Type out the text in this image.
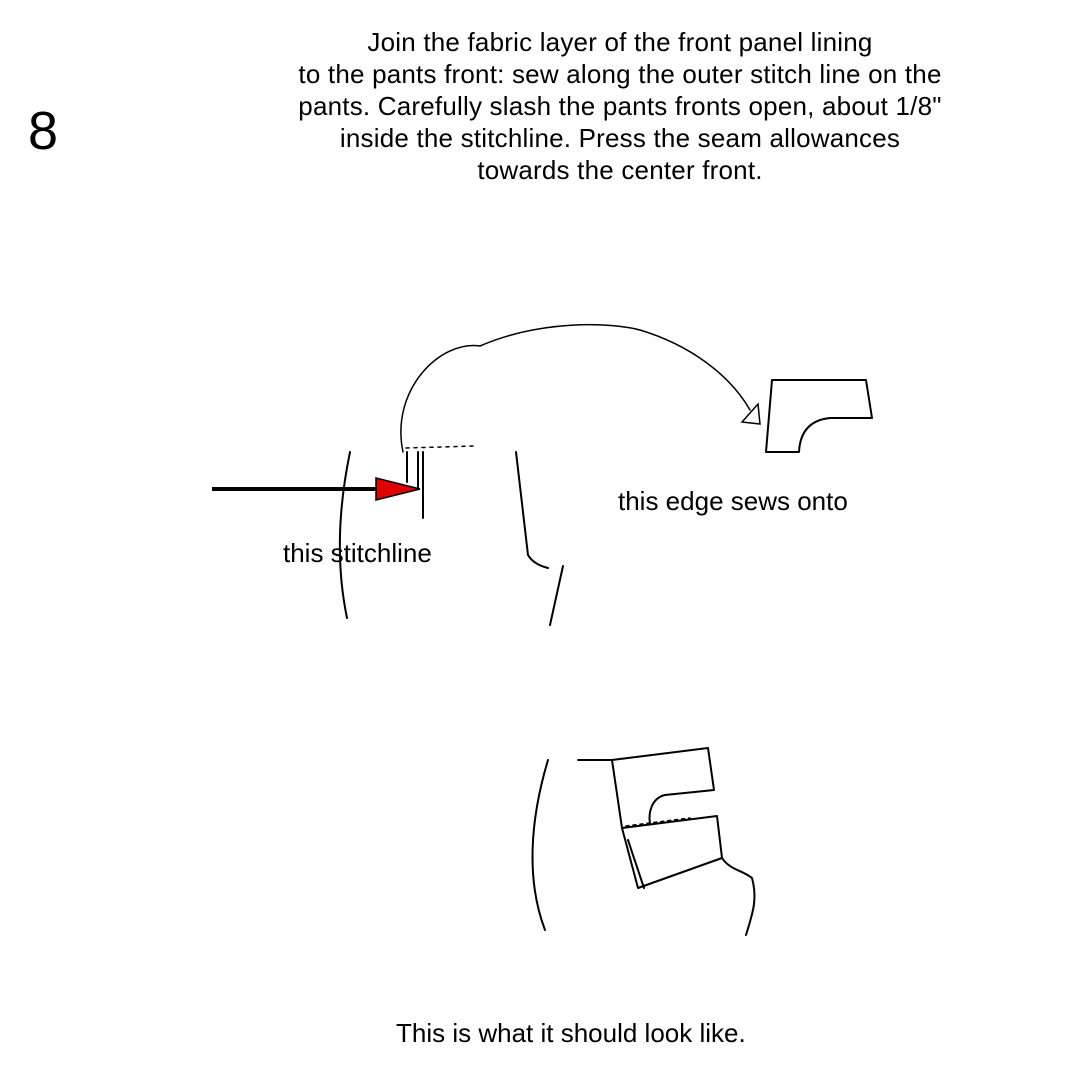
8
Join the fabric layer of the front panel lining
to the pants front: sew along the outer stitch line on the
pants. Carefully slash the pants fronts open, about 1/8"
inside the stitchline. Press the seam allowances
towards the center front.
this edge sews onto
this stitchline
This is what it should look like.
